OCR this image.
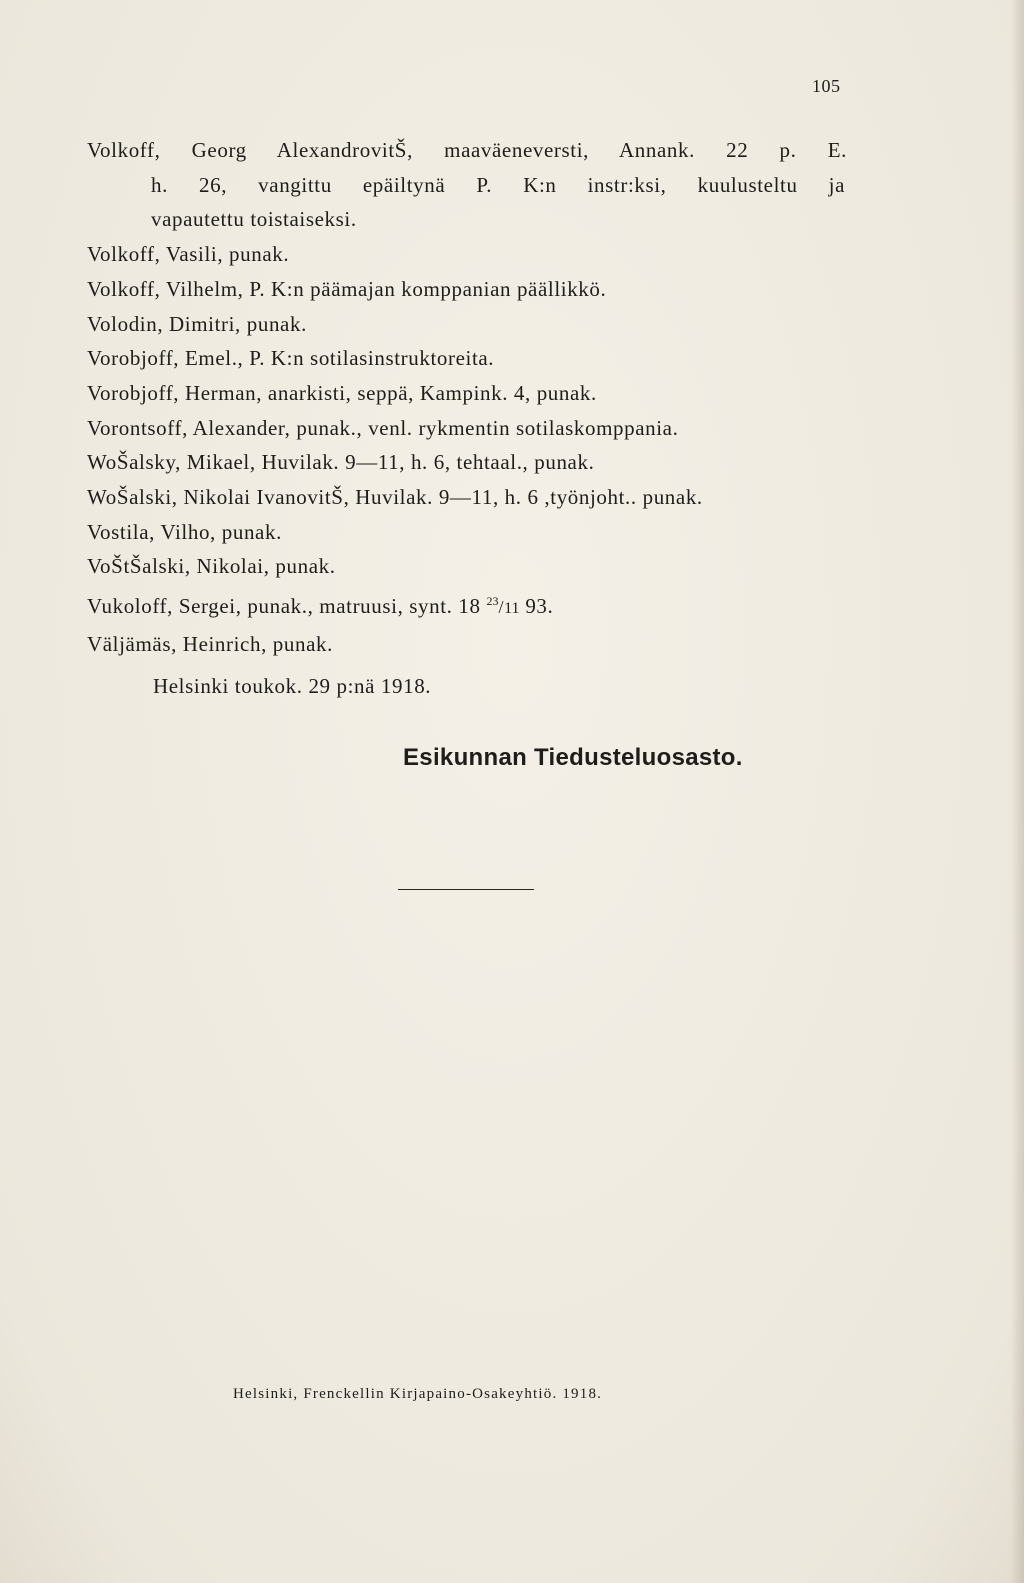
105
Volkoff, Georg AlexandrovitŠ, maaväeneversti, Annank. 22 p. E.
h. 26, vangittu epäiltynä P. K:n instr:ksi, kuulusteltu ja
vapautettu toistaiseksi.
Volkoff, Vasili, punak.
Volkoff, Vilhelm, P. K:n päämajan komppanian päällikkö.
Volodin, Dimitri, punak.
Vorobjoff, Emel., P. K:n sotilasinstruktoreita.
Vorobjoff, Herman, anarkisti, seppä, Kampink. 4, punak.
Vorontsoff, Alexander, punak., venl. rykmentin sotilaskomppania.
WoŠalsky, Mikael, Huvilak. 9—11, h. 6, tehtaal., punak.
WoŠalski, Nikolai IvanovitŠ, Huvilak. 9—11, h. 6 ,työnjoht.. punak.
Vostila, Vilho, punak.
VoŠtŠalski, Nikolai, punak.
Vukoloff, Sergei, punak., matruusi, synt. 18 $^{23}$/11 93.
Väljämäs, Heinrich, punak.
Helsinki toukok. 29 p:nä 1918.
Esikunnan Tiedusteluosasto.
Helsinki, Frenckellin Kirjapaino-Osakeyhtiö. 1918.
